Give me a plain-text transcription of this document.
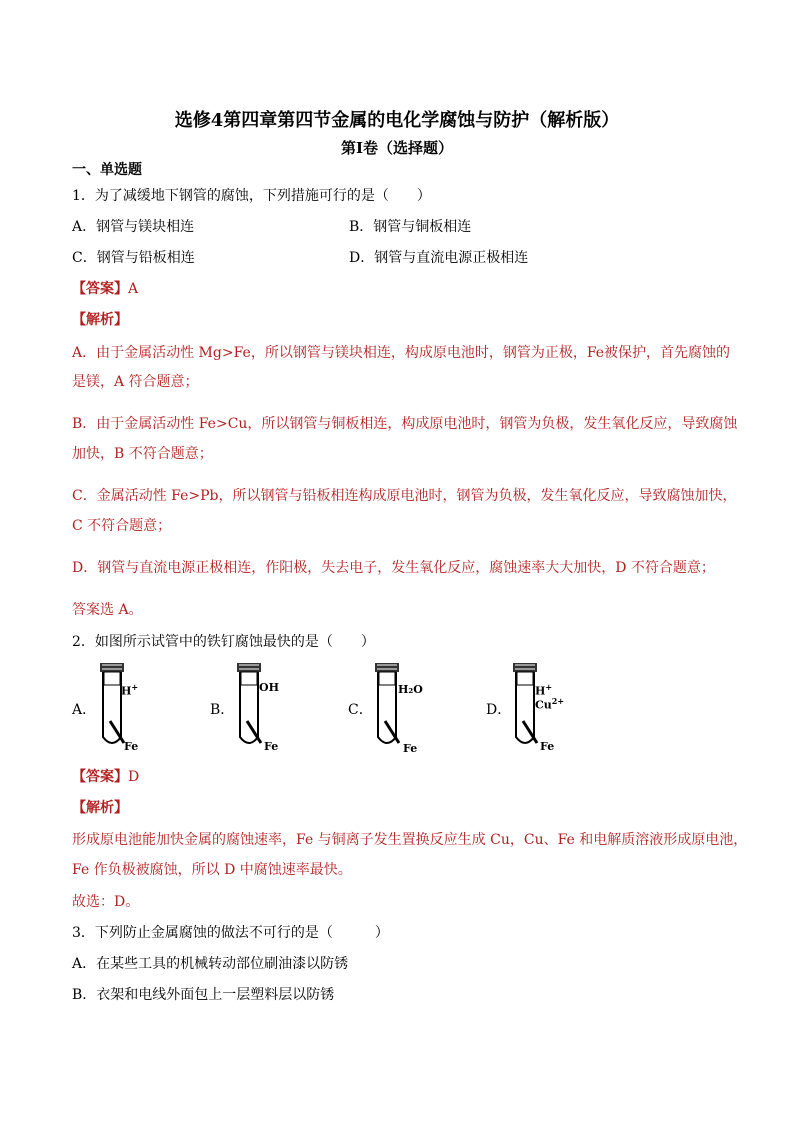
选修4第四章第四节金属的电化学腐蚀与防护（解析版）
第I卷（选择题）
一、单选题
1．为了减缓地下钢管的腐蚀，下列措施可行的是（　　）
A．钢管与镁块相连	B．钢管与铜板相连
C．钢管与铅板相连	D．钢管与直流电源正极相连
【答案】A
【解析】
A．由于金属活动性 Mg>Fe，所以钢管与镁块相连，构成原电池时，钢管为正极，Fe被保护，首先腐蚀的
是镁，A 符合题意；
B．由于金属活动性 Fe>Cu，所以钢管与铜板相连，构成原电池时，钢管为负极，发生氧化反应，导致腐蚀
加快，B 不符合题意；
C．金属活动性 Fe>Pb，所以钢管与铅板相连构成原电池时，钢管为负极，发生氧化反应，导致腐蚀加快，
C 不符合题意；
D．钢管与直流电源正极相连，作阳极，失去电子，发生氧化反应，腐蚀速率大大加快，D 不符合题意；
答案选 A。
2．如图所示试管中的铁钉腐蚀最快的是（　　）
A．
H+
Fe
B．
OH
Fe
C．
H₂O
Fe
D．
H+
$Cu^{2+}$
Fe
【答案】D
【解析】
形成原电池能加快金属的腐蚀速率，Fe 与铜离子发生置换反应生成 Cu，Cu、Fe 和电解质溶液形成原电池，
Fe 作负极被腐蚀，所以 D 中腐蚀速率最快。
故选：D。
3．下列防止金属腐蚀的做法不可行的是（　　　）
A．在某些工具的机械转动部位刷油漆以防锈
B．衣架和电线外面包上一层塑料层以防锈
